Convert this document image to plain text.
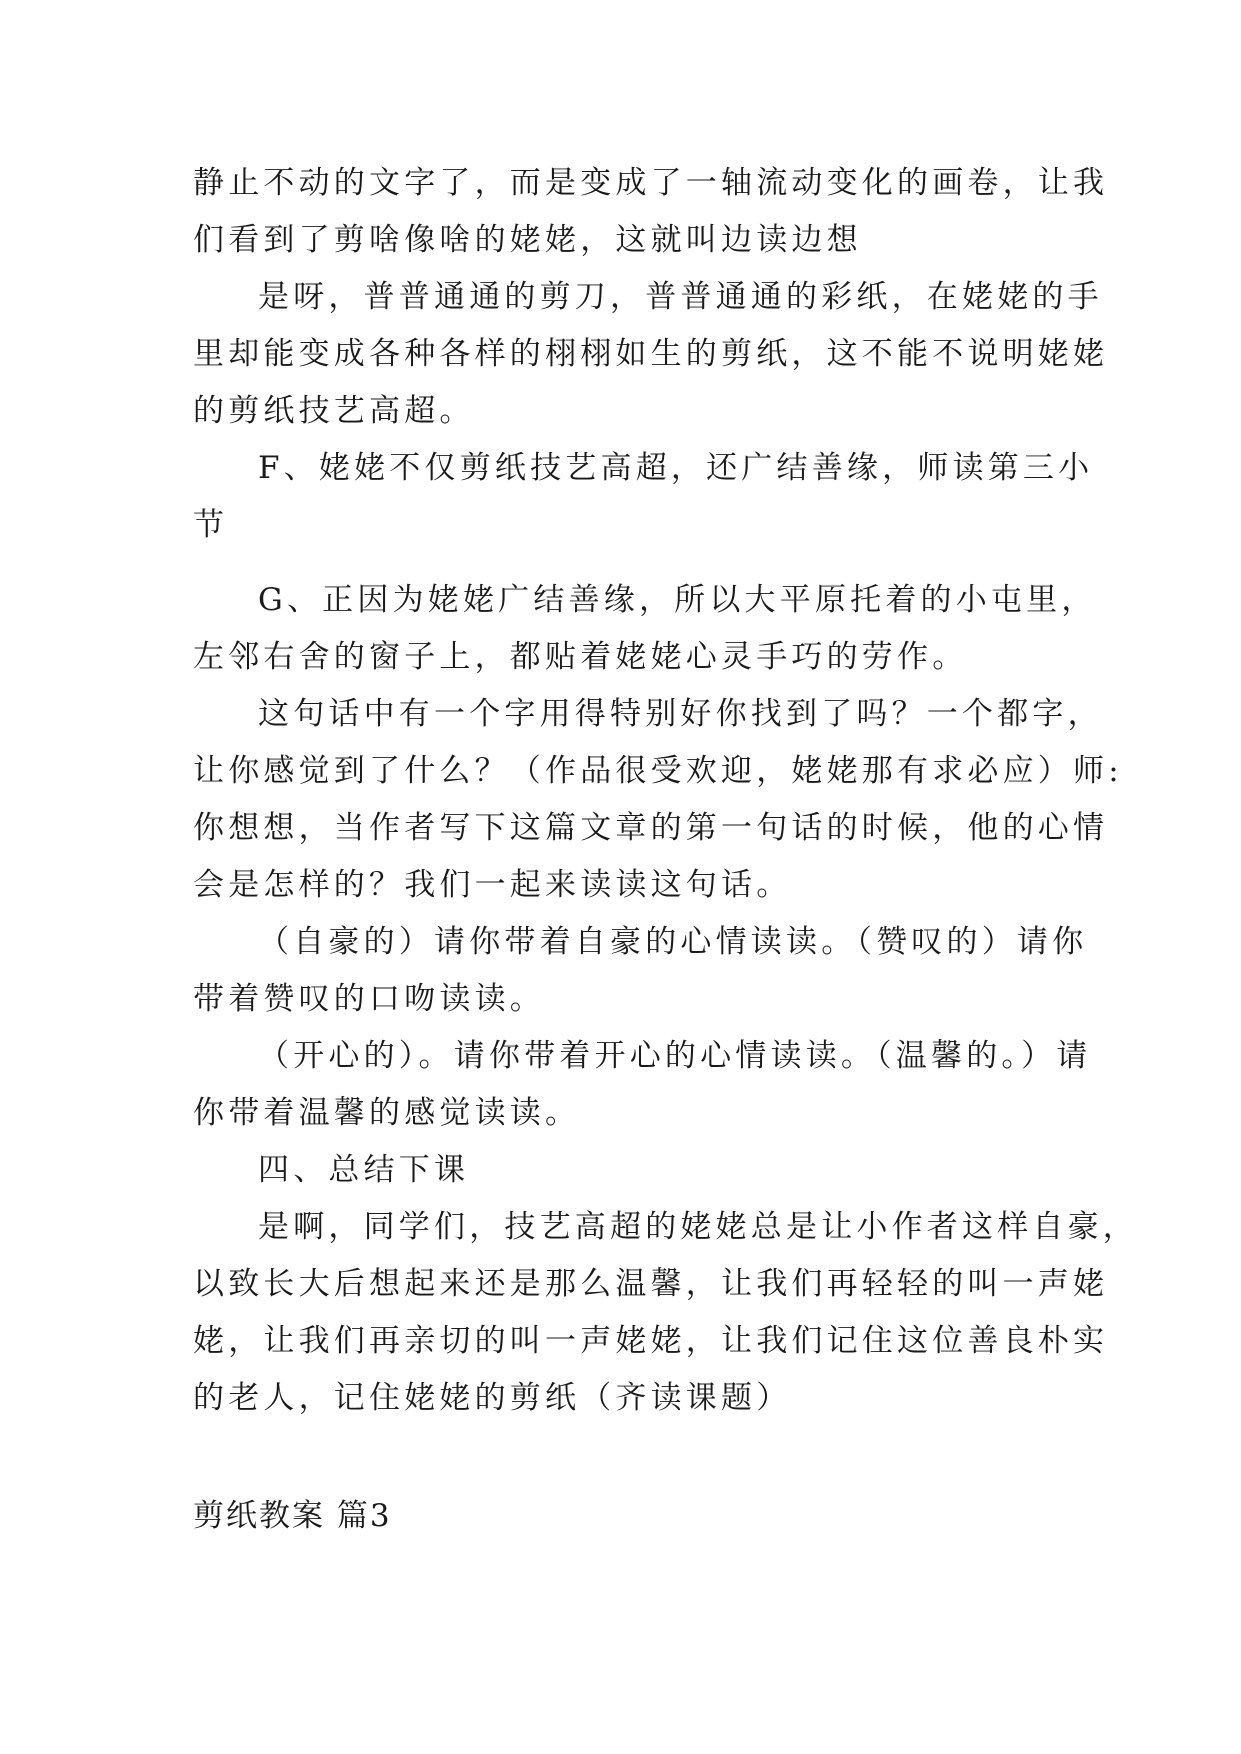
静止不动的文字了，而是变成了一轴流动变化的画卷，让我

们看到了剪啥像啥的姥姥，这就叫边读边想

是呀，普普通通的剪刀，普普通通的彩纸，在姥姥的手

里却能变成各种各样的栩栩如生的剪纸，这不能不说明姥姥

的剪纸技艺高超。

F、姥姥不仅剪纸技艺高超，还广结善缘，师读第三小

节

G、正因为姥姥广结善缘，所以大平原托着的小屯里，

左邻右舍的窗子上，都贴着姥姥心灵手巧的劳作。

这句话中有一个字用得特别好你找到了吗？一个都字，

让你感觉到了什么？（作品很受欢迎，姥姥那有求必应）师:

你想想，当作者写下这篇文章的第一句话的时候，他的心情

会是怎样的？我们一起来读读这句话。

（自豪的）请你带着自豪的心情读读。（赞叹的）请你

带着赞叹的口吻读读。

（开心的）。请你带着开心的心情读读。（温馨的。）请

你带着温馨的感觉读读。

四、总结下课

是啊，同学们，技艺高超的姥姥总是让小作者这样自豪，

以致长大后想起来还是那么温馨，让我们再轻轻的叫一声姥

姥，让我们再亲切的叫一声姥姥，让我们记住这位善良朴实

的老人，记住姥姥的剪纸（齐读课题）

剪纸教案 篇3
